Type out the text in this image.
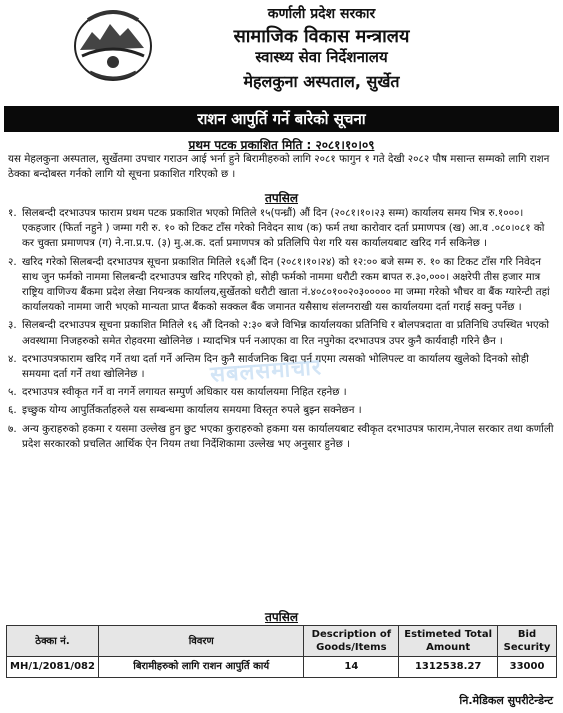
कर्णाली प्रदेश सरकार
सामाजिक विकास मन्त्रालय
स्वास्थ्य सेवा निर्देशनालय
मेहलकुना अस्पताल, सुर्खेत
राशन आपुर्ति गर्ने बारेको सूचना
प्रथम पटक प्रकाशित मिति : २०८१।१०।०९
यस मेहलकुना अस्पताल, सुर्खेतमा उपचार गराउन आई भर्ना हुने बिरामीहरुको लागि २०८१ फागुन १ गते देखी २०८२ पौष मसान्त सम्मको लागि राशन ठेक्का बन्दोबस्त गर्नको लागि यो सूचना प्रकाशित गरिएको छ ।
तपसिल
सबलसमाचार
१. सिलबन्दी दरभाउपत्र फाराम प्रथम पटक प्रकाशित भएको मितिले १५(पन्ध्रौं) औं दिन (२०८१।१०।२३ सम्म) कार्यालय समय भित्र रु.१०००। एकहजार (फिर्ता नहुने ) जम्मा गरी रु. १० को टिकट टाँस गरेको निवेदन साथ (क) फर्म तथा कारोवार दर्ता प्रमाणपत्र (ख) आ.व .०८०।०८१ को कर चुक्ता प्रमाणपत्र (ग) ने.ना.प्र.प. (३) मु.अ.क. दर्ता प्रमाणपत्र को प्रतिलिपि पेश गरि यस कार्यालयबाट खरिद गर्न सकिनेछ ।
२. खरिद गरेको सिलबन्दी दरभाउपत्र सूचना प्रकाशित मितिले १६औं दिन (२०८१।१०।२४) को १२:०० बजे सम्म रु. १० का टिकट टाँस गरि निवेदन साथ जुन फर्मको नाममा सिलबन्दी दरभाउपत्र खरिद गरिएको हो, सोही फर्मको नाममा धरौटी रकम बापत रु.३०,०००। अक्षरेपी तीस हजार मात्र राष्ट्रिय वाणिज्य बैंकमा प्रदेश लेखा नियन्त्रक कार्यालय,सुर्खेतको धरौटी खाता नं.४०८०१००२०३००००० मा जम्मा गरेको भौचर वा बैंक ग्यारेन्टी तहां कार्यालयको नाममा जारी भएको मान्यता प्राप्त बैंकको सक्कल बैंक जमानत यसैसाथ संलग्नराखी यस कार्यालयमा दर्ता गराई सक्नु पर्नेछ ।
३. सिलबन्दी दरभाउपत्र सूचना प्रकाशित मितिले १६ औं दिनको २:३० बजे विभिन्न कार्यालयका प्रतिनिधि र बोलपत्रदाता वा प्रतिनिधि उपस्थित भएको अवस्थामा निजहरुको समेत रोहवरमा खोलिनेछ । म्यादभित्र पर्न नआएका वा रित नपुगेका दरभाउपत्र उपर कुनै कार्यवाही गरिने छैन ।
४. दरभाउपत्रफाराम खरिद गर्ने तथा दर्ता गर्ने अन्तिम दिन कुनै सार्वजनिक बिदा पर्न गएमा त्यसको भोलिपल्ट वा कार्यालय खुलेको दिनको सोही समयमा दर्ता गर्ने तथा खोलिनेछ ।
५. दरभाउपत्र स्वीकृत गर्ने वा नगर्ने लगायत सम्पुर्ण अधिकार यस कार्यालयमा निहित रहनेछ ।
६. इच्छुक योग्य आपुर्तिकर्ताहरुले यस सम्बन्धमा कार्यालय समयमा विस्तृत रुपले बुझ्न सक्नेछन ।
७. अन्य कुराहरुको हकमा र यसमा उल्लेख हुन छुट भएका कुराहरुको हकमा यस कार्यालयबाट स्वीकृत दरभाउपत्र फाराम,नेपाल सरकार तथा कर्णाली प्रदेश सरकारको प्रचलित आर्थिक ऐन नियम तथा निर्देशिकामा उल्लेख भए अनुसार हुनेछ ।
तपसिल
ठेक्का नं.	विवरण	Description of Goods/Items	Estimeted Total Amount	Bid Security
MH/1/2081/082	बिरामीहरुको लागि राशन आपुर्ति कार्य	14	1312538.27	33000
नि.मेडिकल सुपरीटेन्डेन्ट
